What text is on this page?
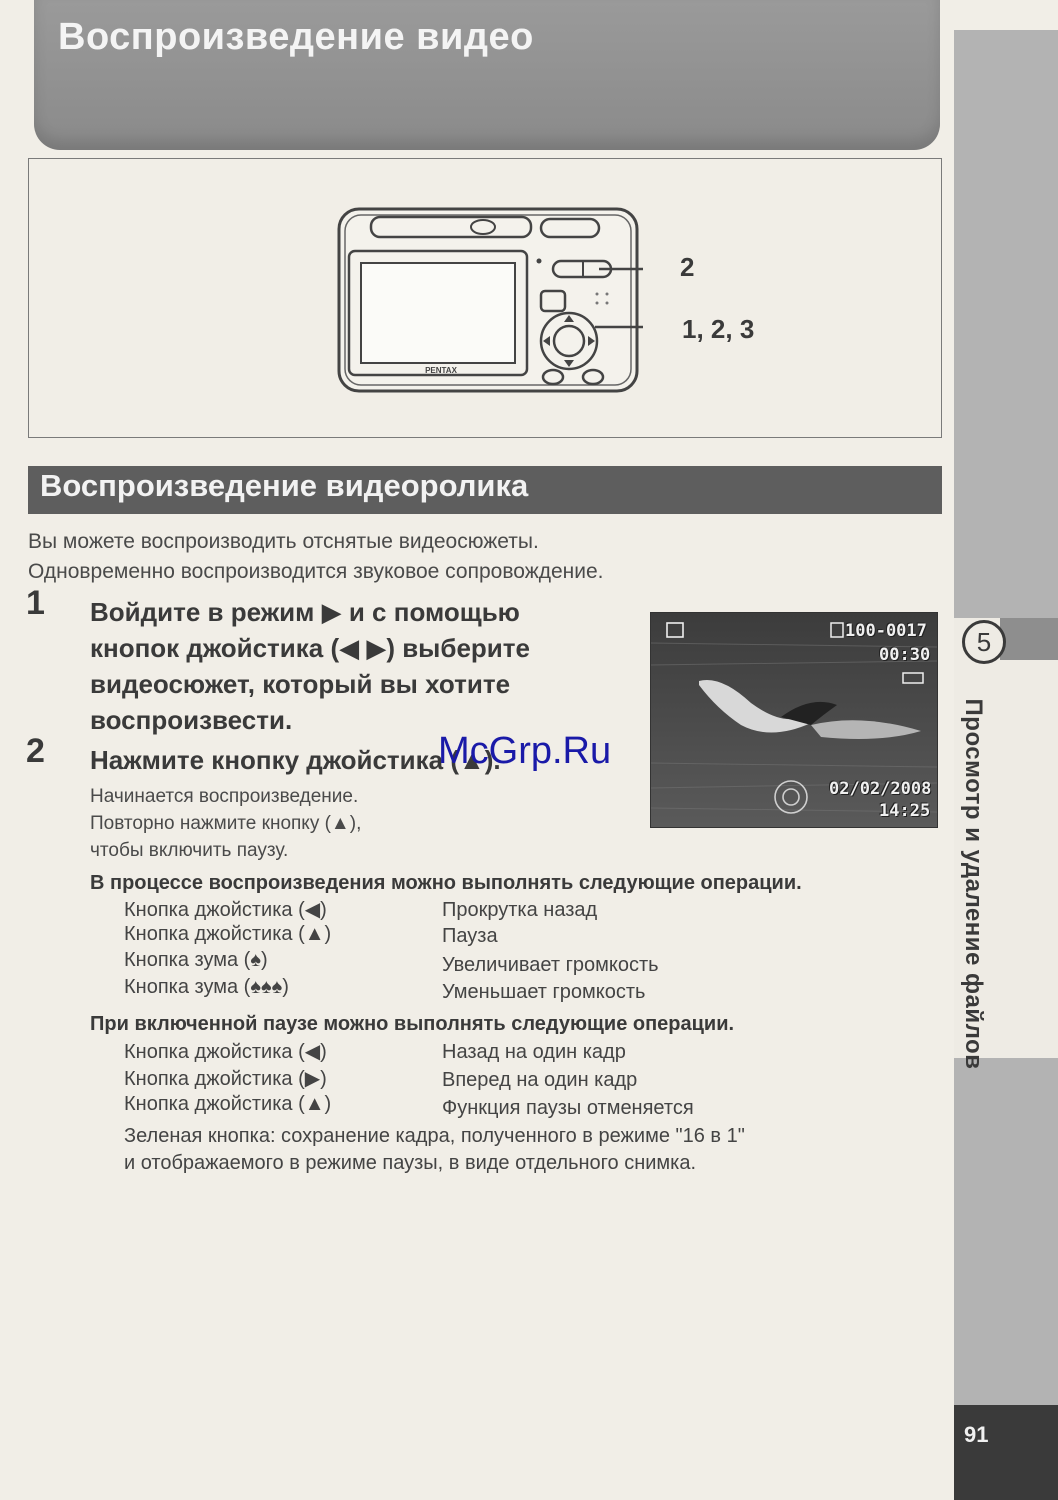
Воспроизведение видео
5
Просмотр и удаление файлов
91
PENTAX
2
1, 2, 3
Воспроизведение видеоролика
Вы можете воспроизводить отснятые видеосюжеты.
Одновременно воспроизводится звуковое сопровождение.
1 Войдите в режим ▶ и с помощью
кнопок джойстика (◀ ▶) выберите
видеосюжет, который вы хотите
воспроизвести.
2 Нажмите кнопку джойстика (▲).
Начинается воспроизведение.
Повторно нажмите кнопку (▲),
чтобы включить паузу.
100-0017
00:30
02/02/2008
14:25
McGrp.Ru
В процессе воспроизведения можно выполнять следующие операции.
Кнопка джойстика (◀)	Прокрутка назад
Кнопка джойстика (▲)	Пауза
Кнопка зума (♠)	Увеличивает громкость
Кнопка зума (♠♠♠)	Уменьшает громкость
При включенной паузе можно выполнять следующие операции.
Кнопка джойстика (◀)	Назад на один кадр
Кнопка джойстика (▶)	Вперед на один кадр
Кнопка джойстика (▲)	Функция паузы отменяется
Зеленая кнопка: сохранение кадра, полученного в режиме "16 в 1"
и отображаемого в режиме паузы, в виде отдельного снимка.
